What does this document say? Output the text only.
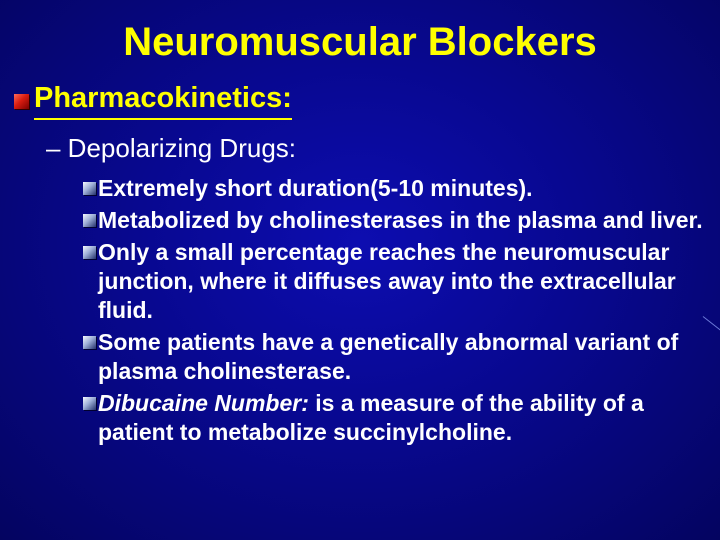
Neuromuscular Blockers
Pharmacokinetics:
– Depolarizing Drugs:
Extremely short duration(5-10 minutes).
Metabolized by cholinesterases in the plasma and liver.
Only a small percentage reaches the neuromuscular junction, where it diffuses away into the extracellular fluid.
Some patients have a genetically abnormal variant of plasma cholinesterase.
Dibucaine Number: is a measure of the ability of a patient to metabolize succinylcholine.
